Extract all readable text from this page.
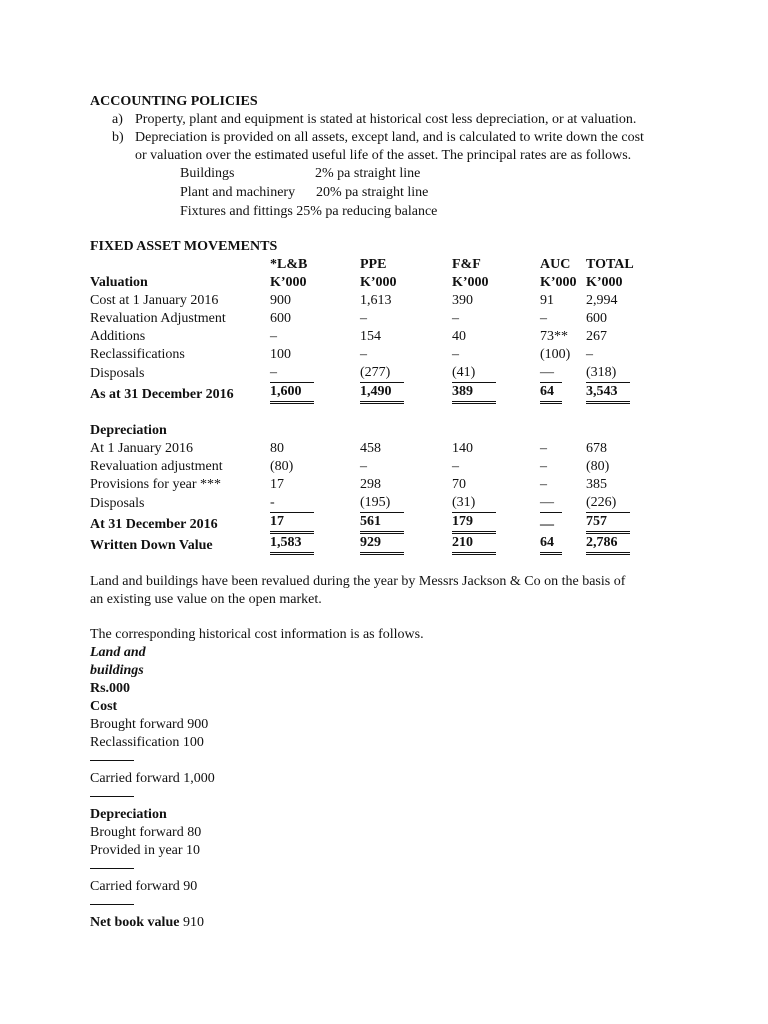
ACCOUNTING POLICIES

a) Property, plant and equipment is stated at historical cost less depreciation, or at valuation.
b) Depreciation is provided on all assets, except land, and is calculated to write down the cost
or valuation over the estimated useful life of the asset. The principal rates are as follows.
Buildings	2% pa straight line
Plant and machinery 20% pa straight line
Fixtures and fittings 25% pa reducing balance

FIXED ASSET MOVEMENTS

	*L&B	PPE	F&F	AUC	TOTAL
Valuation	K’000	K’000	K’000	K’000	K’000
Cost at 1 January 2016	900	1,613	390	91	2,994
Revaluation Adjustment	600	–	–	–	600
Additions	–	154	40	73**	267
Reclassifications	100	–	–	(100)	–
Disposals	–	(277)	(41)	—	(318)
As at 31 December 2016	1,600	1,490	389	64	3,543

Depreciation					
At 1 January 2016	80	458	140	–	678
Revaluation adjustment	(80)	–	–	–	(80)
Provisions for year ***	17	298	70	–	385
Disposals	-	(195)	(31)	—	(226)
At 31 December 2016	17	561	179	—	757
Written Down Value	1,583	929	210	64	2,786

Land and buildings have been revalued during the year by Messrs Jackson & Co on the basis of

an existing use value on the open market.

The corresponding historical cost information is as follows.

Land and

buildings

Rs.000

Cost

Brought forward 900

Reclassification 100

Carried forward 1,000

Depreciation

Brought forward 80

Provided in year 10

Carried forward 90

Net book value 910
